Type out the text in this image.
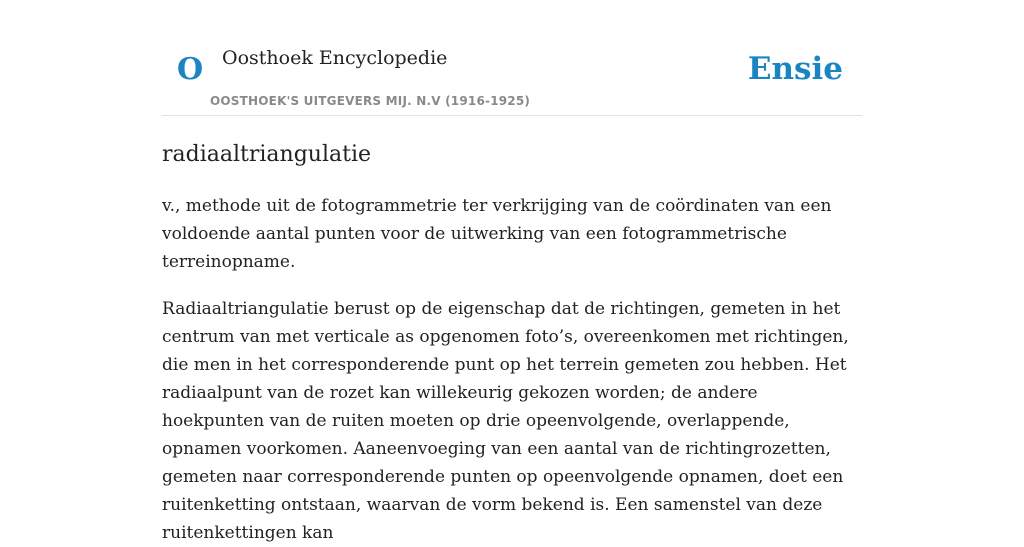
O Oosthoek Encyclopedie	Ensie
OOSTHOEK'S UITGEVERS MIJ. N.V (1916-1925)
radiaaltriangulatie

v., methode uit de fotogrammetrie ter verkrijging van de coördinaten van een voldoende aantal punten voor de uitwerking van een fotogrammetrische terreinopname.

Radiaaltriangulatie berust op de eigenschap dat de richtingen, gemeten in het centrum van met verticale as opgenomen foto’s, overeenkomen met richtingen, die men in het corresponderende punt op het terrein gemeten zou hebben. Het radiaalpunt van de rozet kan willekeurig gekozen worden; de andere hoekpunten van de ruiten moeten op drie opeenvolgende, overlappende, opnamen voorkomen. Aaneenvoeging van een aantal van de richtingrozetten, gemeten naar corresponderende punten op opeenvolgende opnamen, doet een ruitenketting ontstaan, waarvan de vorm bekend is. Een samenstel van deze ruitenkettingen kan
